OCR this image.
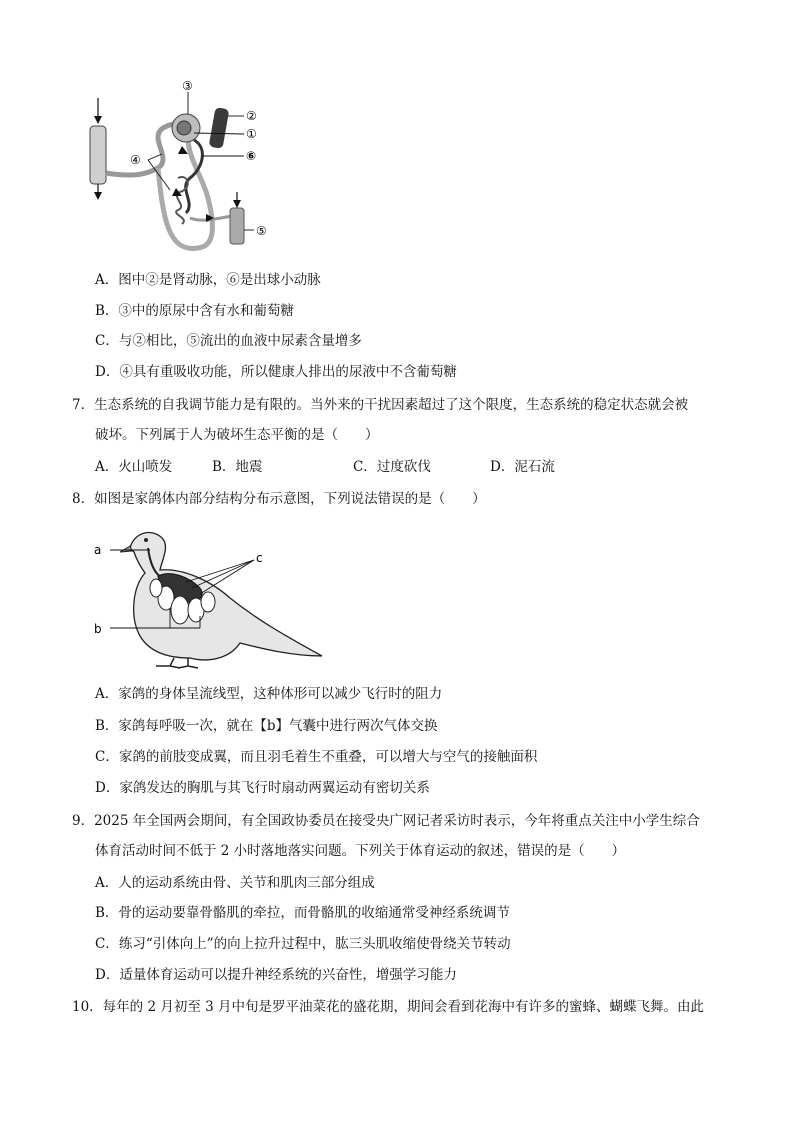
③
②
①
⑥
④
⑤
A．图中②是肾动脉，⑥是出球小动脉
B．③中的原尿中含有水和葡萄糖
C．与②相比，⑤流出的血液中尿素含量增多
D．④具有重吸收功能，所以健康人排出的尿液中不含葡萄糖
7．生态系统的自我调节能力是有限的。当外来的干扰因素超过了这个限度，生态系统的稳定状态就会被
破坏。下列属于人为破坏生态平衡的是（　　）
A．火山喷发	B．地震	C．过度砍伐	D．泥石流
8．如图是家鸽体内部分结构分布示意图，下列说法错误的是（　　）
a
b
c
A．家鸽的身体呈流线型，这种体形可以减少飞行时的阻力
B．家鸽每呼吸一次，就在【b】气囊中进行两次气体交换
C．家鸽的前肢变成翼，而且羽毛着生不重叠，可以增大与空气的接触面积
D．家鸽发达的胸肌与其飞行时扇动两翼运动有密切关系
9．2025 年全国两会期间，有全国政协委员在接受央广网记者采访时表示，今年将重点关注中小学生综合
体育活动时间不低于 2 小时落地落实问题。下列关于体育运动的叙述，错误的是（　　）
A．人的运动系统由骨、关节和肌肉三部分组成
B．骨的运动要靠骨骼肌的牵拉，而骨骼肌的收缩通常受神经系统调节
C．练习“引体向上”的向上拉升过程中，肱三头肌收缩使骨绕关节转动
D．适量体育运动可以提升神经系统的兴奋性，增强学习能力
10．每年的 2 月初至 3 月中旬是罗平油菜花的盛花期，期间会看到花海中有许多的蜜蜂、蝴蝶飞舞。由此
